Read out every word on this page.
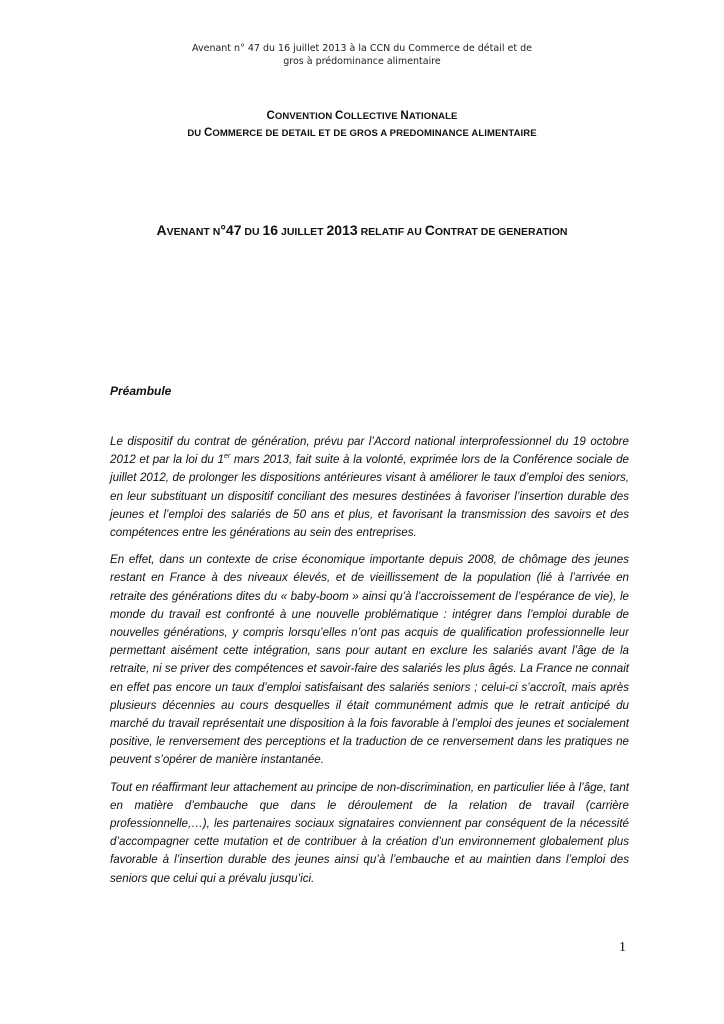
Avenant n° 47 du 16 juillet 2013 à la CCN du Commerce de détail et de
gros à prédominance alimentaire
CONVENTION COLLECTIVE NATIONALE
DU COMMERCE DE DETAIL ET DE GROS A PREDOMINANCE ALIMENTAIRE
AVENANT N°47 DU 16 JUILLET 2013 RELATIF AU CONTRAT DE GENERATION
Préambule

Le dispositif du contrat de génération, prévu par l’Accord national interprofessionnel du 19 octobre 2012 et par la loi du 1er mars 2013, fait suite à la volonté, exprimée lors de la Conférence sociale de juillet 2012, de prolonger les dispositions antérieures visant à améliorer le taux d’emploi des seniors, en leur substituant un dispositif conciliant des mesures destinées à favoriser l’insertion durable des jeunes et l’emploi des salariés de 50 ans et plus, et favorisant la transmission des savoirs et des compétences entre les générations au sein des entreprises.

En effet, dans un contexte de crise économique importante depuis 2008, de chômage des jeunes restant en France à des niveaux élevés, et de vieillissement de la population (lié à l’arrivée en retraite des générations dites du « baby-boom » ainsi qu’à l’accroissement de l’espérance de vie), le monde du travail est confronté à une nouvelle problématique : intégrer dans l’emploi durable de nouvelles générations, y compris lorsqu’elles n’ont pas acquis de qualification professionnelle leur permettant aisément cette intégration, sans pour autant en exclure les salariés avant l’âge de la retraite, ni se priver des compétences et savoir-faire des salariés les plus âgés. La France ne connait en effet pas encore un taux d’emploi satisfaisant des salariés seniors ; celui-ci s’accroît, mais après plusieurs décennies au cours desquelles il était communément admis que le retrait anticipé du marché du travail représentait une disposition à la fois favorable à l’emploi des jeunes et socialement positive, le renversement des perceptions et la traduction de ce renversement dans les pratiques ne peuvent s’opérer de manière instantanée.

Tout en réaffirmant leur attachement au principe de non-discrimination, en particulier liée à l’âge, tant en matière d’embauche que dans le déroulement de la relation de travail (carrière professionnelle,…), les partenaires sociaux signataires conviennent par conséquent de la nécessité d’accompagner cette mutation et de contribuer à la création d’un environnement globalement plus favorable à l’insertion durable des jeunes ainsi qu’à l’embauche et au maintien dans l’emploi des seniors que celui qui a prévalu jusqu’ici.

1
